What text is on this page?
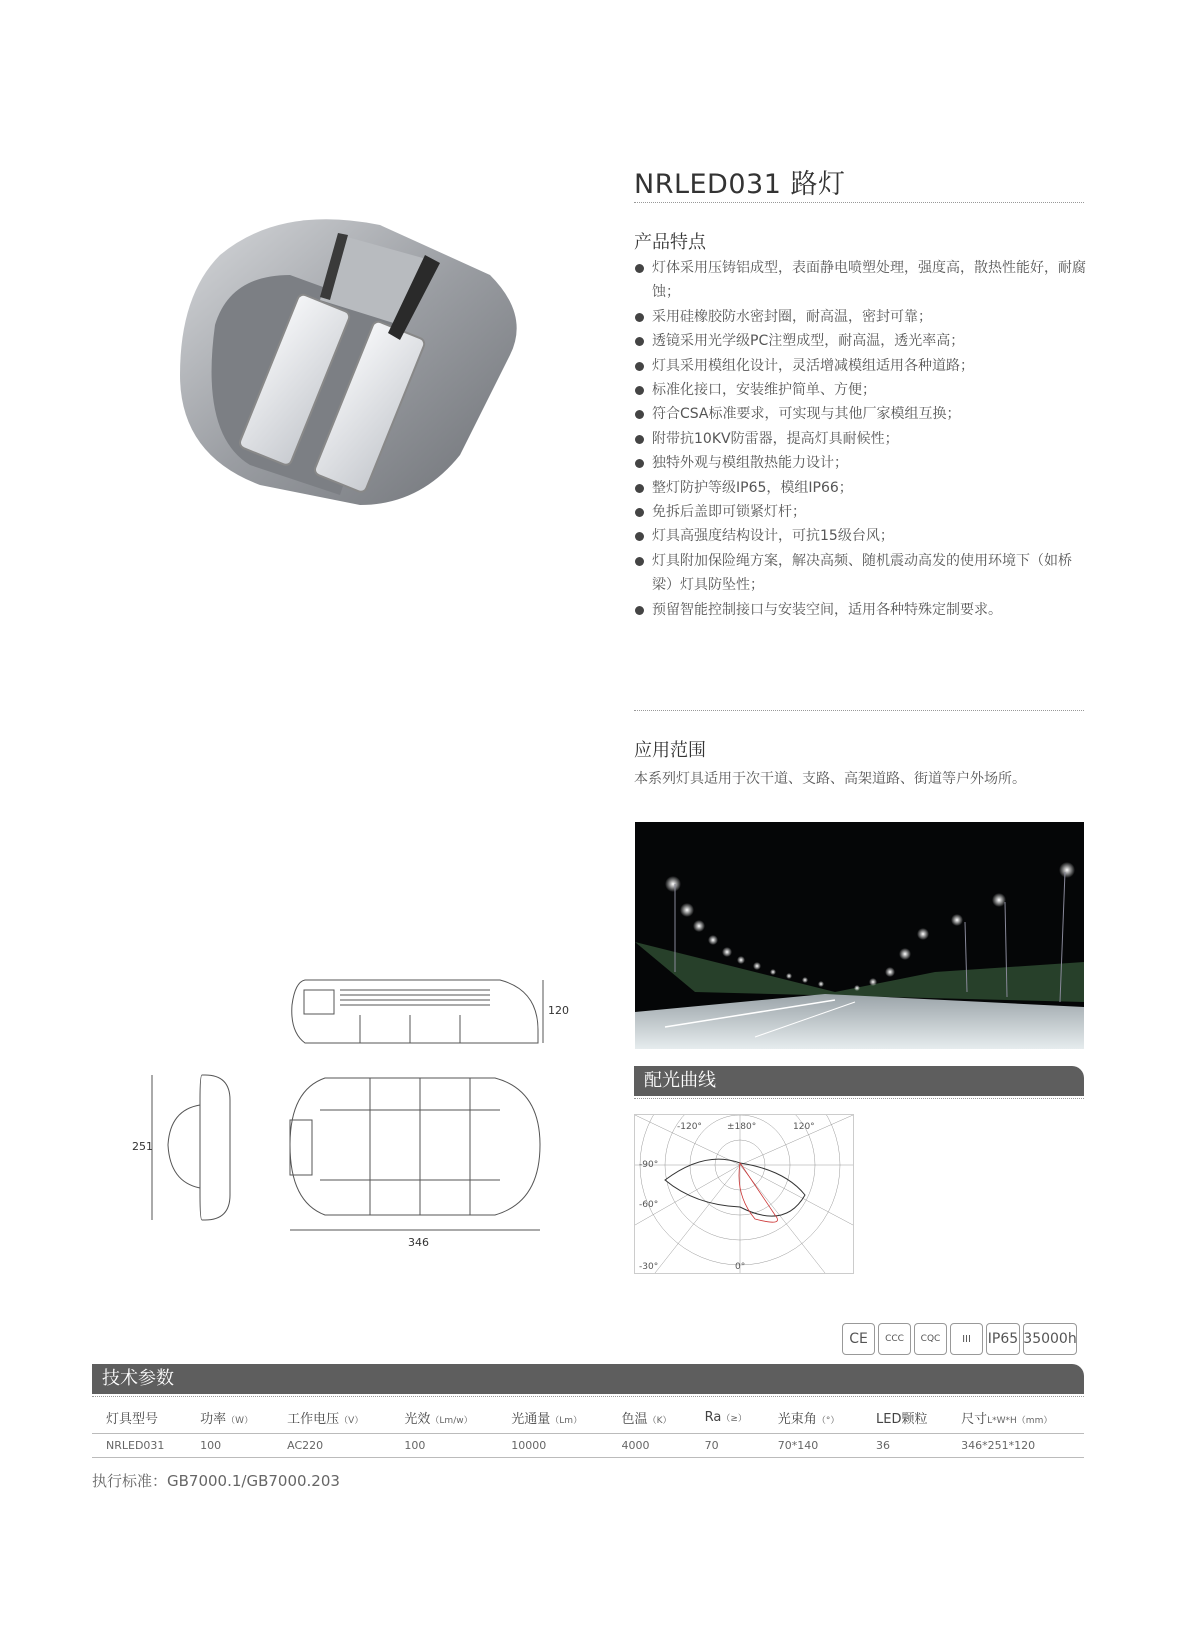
NRLED031 路灯
产品特点
灯体采用压铸铝成型，表面静电喷塑处理，强度高，散热性能好，耐腐蚀；
采用硅橡胶防水密封圈，耐高温，密封可靠；
透镜采用光学级PC注塑成型，耐高温，透光率高；
灯具采用模组化设计，灵活增减模组适用各种道路；
标准化接口，安装维护简单、方便；
符合CSA标准要求，可实现与其他厂家模组互换；
附带抗10KV防雷器，提高灯具耐候性；
独特外观与模组散热能力设计；
整灯防护等级IP65，模组IP66；
免拆后盖即可锁紧灯杆；
灯具高强度结构设计，可抗15级台风；
灯具附加保险绳方案，解决高频、随机震动高发的使用环境下（如桥梁）灯具防坠性；
预留智能控制接口与安装空间，适用各种特殊定制要求。
应用范围
本系列灯具适用于次干道、支路、高架道路、街道等户外场所。
配光曲线
-120°	±180°	120°
-90°
-60°
-30°	0°
120
251
346
CE	CCC	CQC	III	IP65 35000h
技术参数
灯具型号	功率（W）	工作电压（V）	光效（Lm/w）	光通量（Lm）	色温（K）	Ra（≥）	光束角（°）	LED颗粒	尺寸L*W*H（mm）
NRLED031	100	AC220	100	10000	4000	70	70*140	36	346*251*120
执行标准：GB7000.1/GB7000.203
